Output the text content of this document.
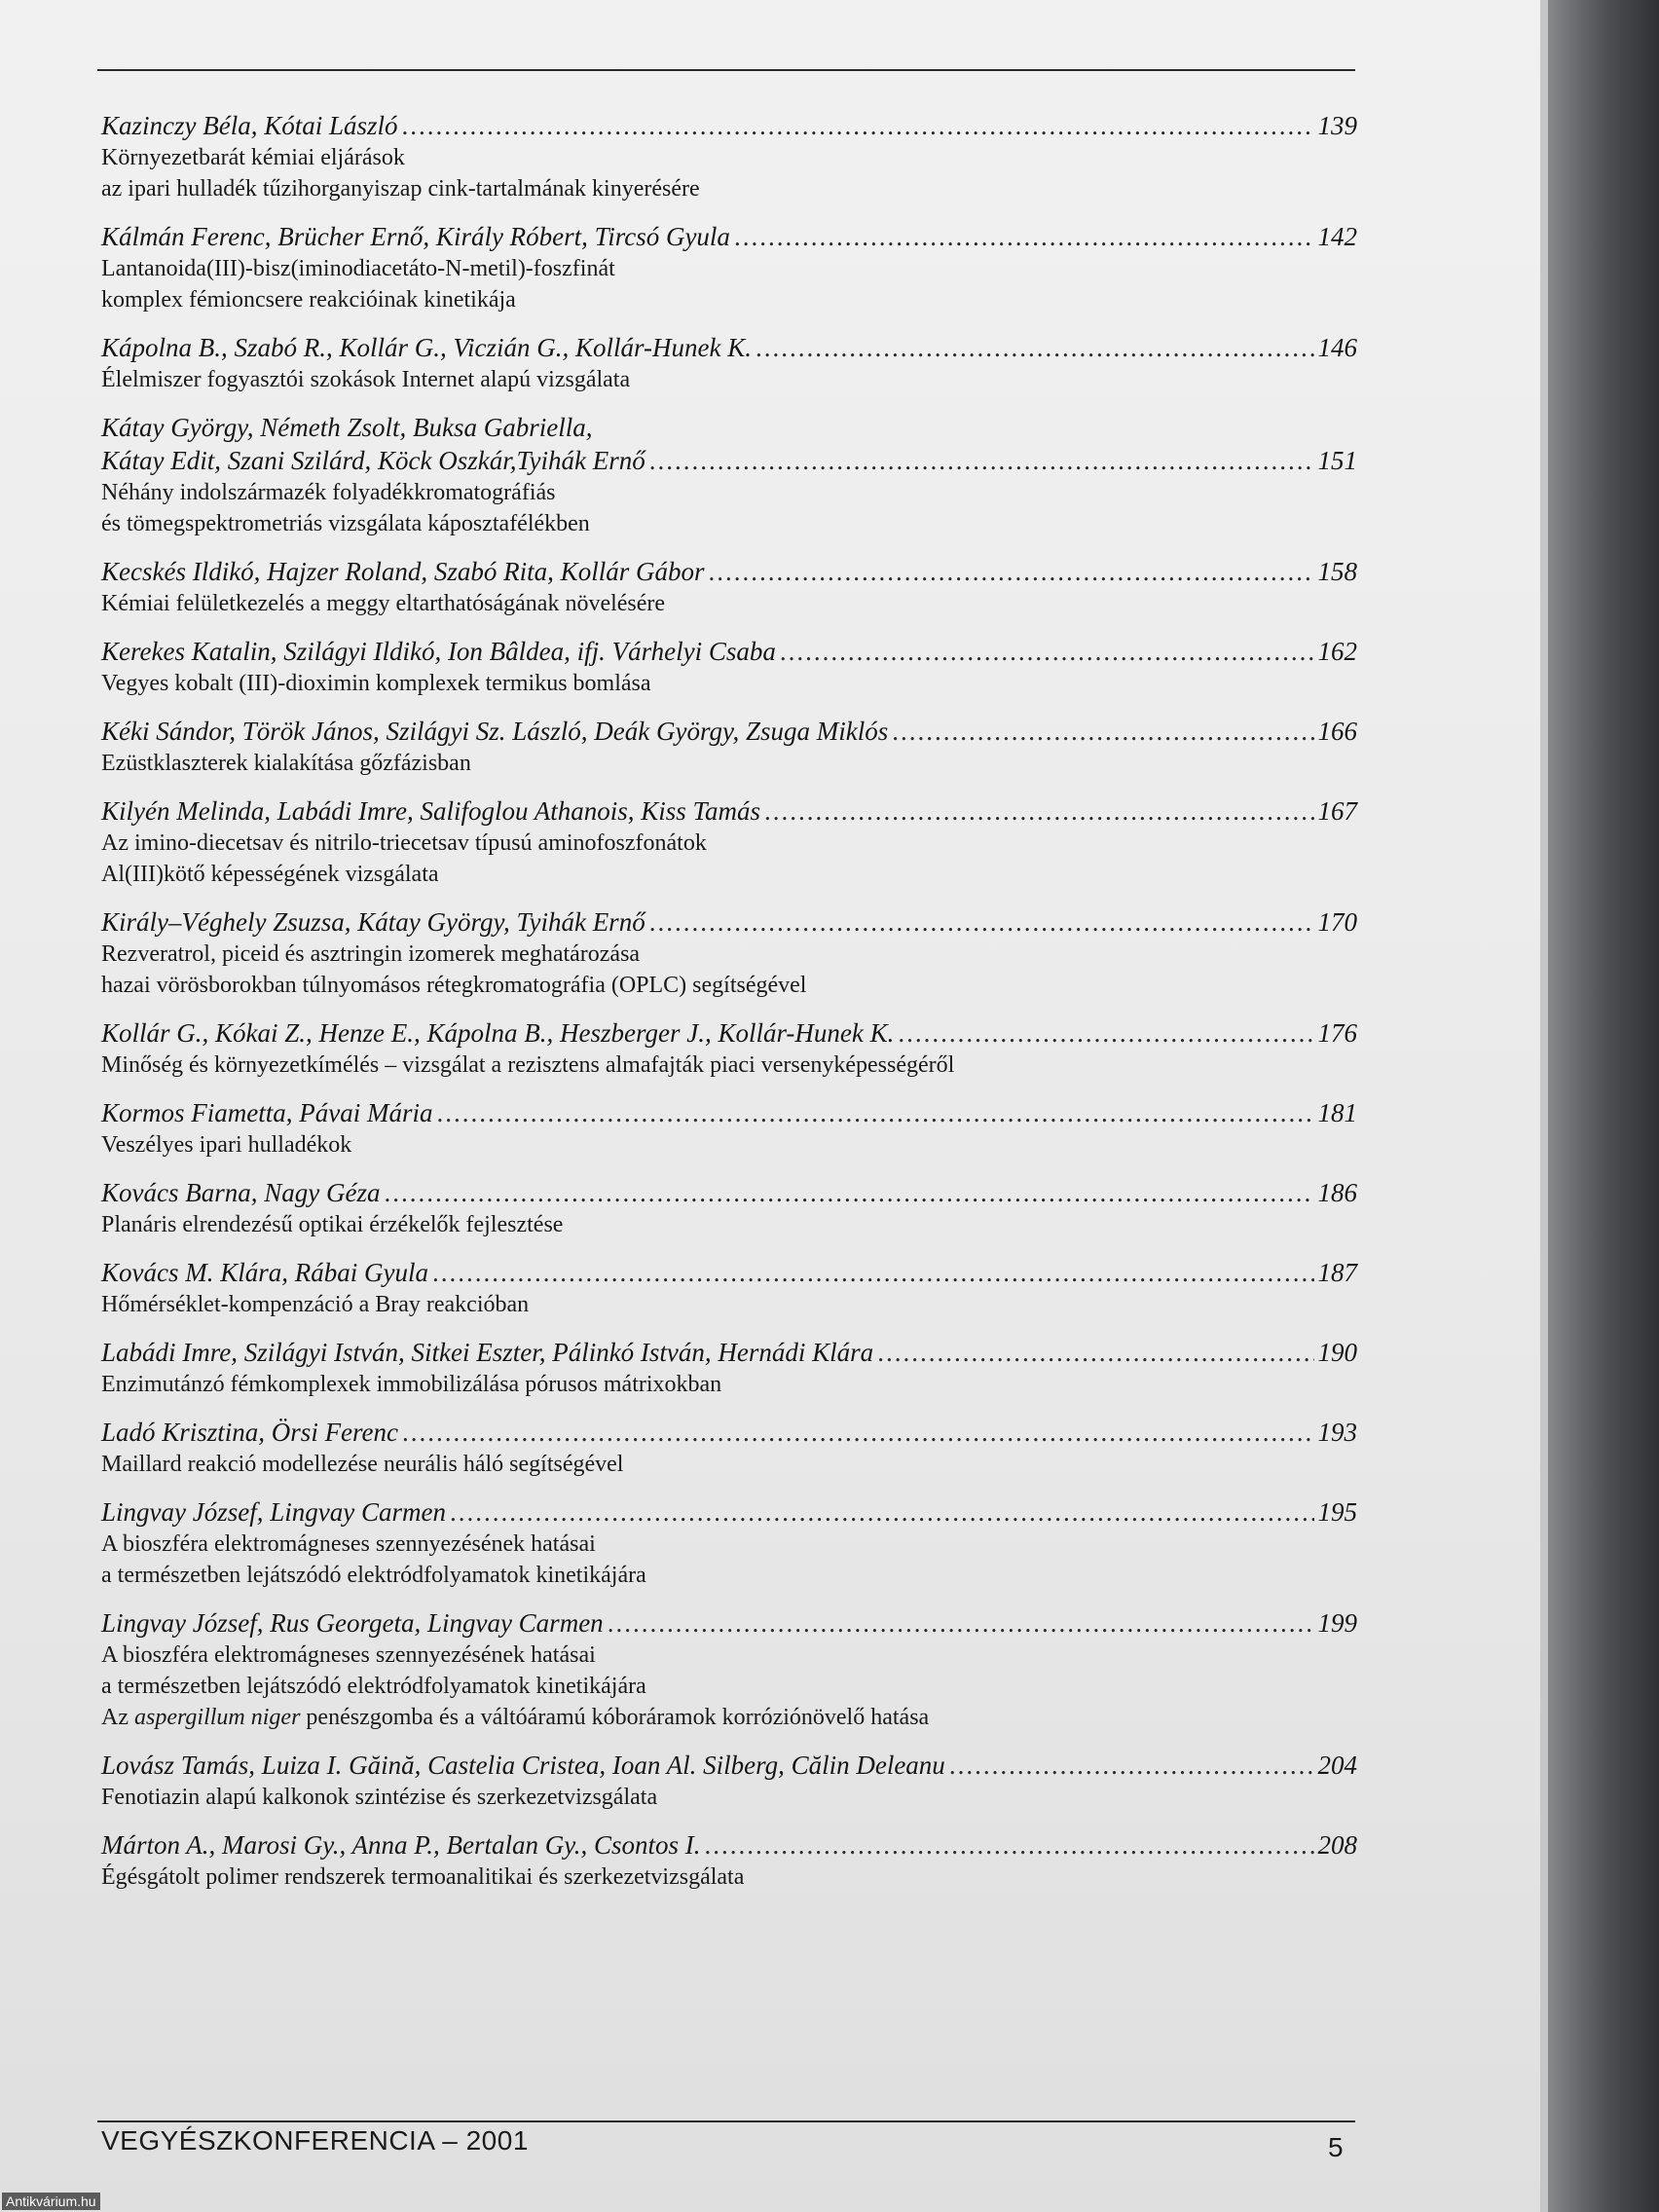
Kazinczy Béla, Kótai László .....	139
Környezetbarát kémiai eljárások
az ipari hulladék tűzihorganyiszap cink-tartalmának kinyerésére
Kálmán Ferenc, Brücher Ernő, Király Róbert, Tircsó Gyula .....	142
Lantanoida(III)-bisz(iminodiacetáto-N-metil)-foszfinát
komplex fémioncsere reakcióinak kinetikája
Kápolna B., Szabó R., Kollár G., Viczián G., Kollár-Hunek K. .....	146
Élelmiszer fogyasztói szokások Internet alapú vizsgálata
Kátay György, Németh Zsolt, Buksa Gabriella,
Kátay Edit, Szani Szilárd, Köck Oszkár,Tyihák Ernő .....	151
Néhány indolszármazék folyadékkromatográfiás
és tömegspektrometriás vizsgálata káposztafélékben
Kecskés Ildikó, Hajzer Roland, Szabó Rita, Kollár Gábor .....	158
Kémiai felületkezelés a meggy eltarthatóságának növelésére
Kerekes Katalin, Szilágyi Ildikó, Ion Bâldea, ifj. Várhelyi Csaba .....	162
Vegyes kobalt (III)-dioximin komplexek termikus bomlása
Kéki Sándor, Török János, Szilágyi Sz. László, Deák György, Zsuga Miklós .....	166
Ezüstklaszterek kialakítása gőzfázisban
Kilyén Melinda, Labádi Imre, Salifoglou Athanois, Kiss Tamás .....	167
Az imino-diecetsav és nitrilo-triecetsav típusú aminofoszfonátok
Al(III)kötő képességének vizsgálata
Király–Véghely Zsuzsa, Kátay György, Tyihák Ernő .....	170
Rezveratrol, piceid és asztringin izomerek meghatározása
hazai vörösborokban túlnyomásos rétegkromatográfia (OPLC) segítségével
Kollár G., Kókai Z., Henze E., Kápolna B., Heszberger J., Kollár-Hunek K. .....	176
Minőség és környezetkímélés – vizsgálat a rezisztens almafajták piaci versenyképességéről
Kormos Fiametta, Pávai Mária .....	181
Veszélyes ipari hulladékok
Kovács Barna, Nagy Géza .....	186
Planáris elrendezésű optikai érzékelők fejlesztése
Kovács M. Klára, Rábai Gyula .....	187
Hőmérséklet-kompenzáció a Bray reakcióban
Labádi Imre, Szilágyi István, Sitkei Eszter, Pálinkó István, Hernádi Klára .....	190
Enzimutánzó fémkomplexek immobilizálása pórusos mátrixokban
Ladó Krisztina, Örsi Ferenc .....	193
Maillard reakció modellezése neurális háló segítségével
Lingvay József, Lingvay Carmen .....	195
A bioszféra elektromágneses szennyezésének hatásai
a természetben lejátszódó elektródfolyamatok kinetikájára
Lingvay József, Rus Georgeta, Lingvay Carmen .....	199
A bioszféra elektromágneses szennyezésének hatásai
a természetben lejátszódó elektródfolyamatok kinetikájára
Az aspergillum niger penészgomba és a váltóáramú kóboráramok korróziónövelő hatása
Lovász Tamás, Luiza I. Găină, Castelia Cristea, Ioan Al. Silberg, Călin Deleanu .....	204
Fenotiazin alapú kalkonok szintézise és szerkezetvizsgálata
Márton A., Marosi Gy., Anna P., Bertalan Gy., Csontos I. .....	208
Égésgátolt polimer rendszerek termoanalitikai és szerkezetvizsgálata
VEGYÉSZKONFERENCIA – 2001	5
Antikvárium.hu
